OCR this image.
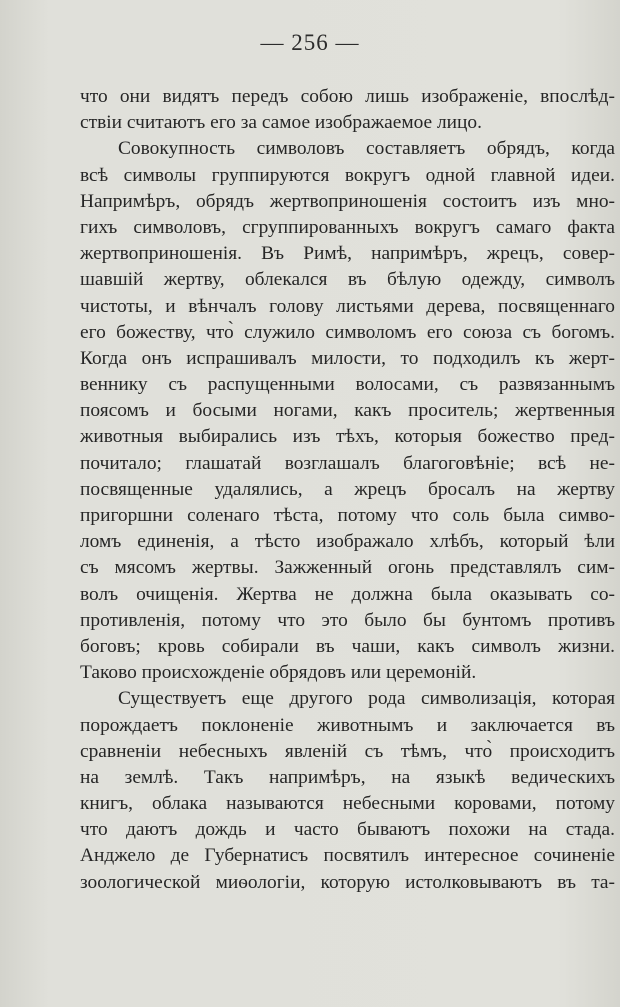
— 256 —
что они видятъ передъ собою лишь изображеніе, впослѣд-
ствіи считаютъ его за самое изображаемое лицо.
Совокупность символовъ составляетъ обрядъ, когда
всѣ символы группируются вокругъ одной главной идеи.
Напримѣръ, обрядъ жертвоприношенія состоитъ изъ мно-
гихъ символовъ, сгруппированныхъ вокругъ самаго факта
жертвоприношенія. Въ Римѣ, напримѣръ, жрецъ, совер-
шавшій жертву, облекался въ бѣлую одежду, символъ
чистоты, и вѣнчалъ голову листьями дерева, посвященнаго
его божеству, что̀ служило символомъ его союза съ богомъ.
Когда онъ испрашивалъ милости, то подходилъ къ жерт-
веннику съ распущенными волосами, съ развязаннымъ
поясомъ и босыми ногами, какъ проситель; жертвенныя
животныя выбирались изъ тѣхъ, которыя божество пред-
почитало; глашатай возглашалъ благоговѣніе; всѣ не-
посвященные удалялись, а жрецъ бросалъ на жертву
пригоршни соленаго тѣста, потому что соль была симво-
ломъ единенія, а тѣсто изображало хлѣбъ, который ѣли
съ мясомъ жертвы. Зажженный огонь представлялъ сим-
волъ очищенія. Жертва не должна была оказывать со-
противленія, потому что это было бы бунтомъ противъ
боговъ; кровь собирали въ чаши, какъ символъ жизни.
Таково происхожденіе обрядовъ или церемоній.
Существуетъ еще другого рода символизація, которая
порождаетъ поклоненіе животнымъ и заключается въ
сравненіи небесныхъ явленій съ тѣмъ, что̀ происходитъ
на землѣ. Такъ напримѣръ, на языкѣ ведическихъ
книгъ, облака называются небесными коровами, потому
что даютъ дождь и часто бываютъ похожи на стада.
Анджело де Губернатисъ посвятилъ интересное сочиненіе
зоологической миѳологіи, которую истолковываютъ въ та-
